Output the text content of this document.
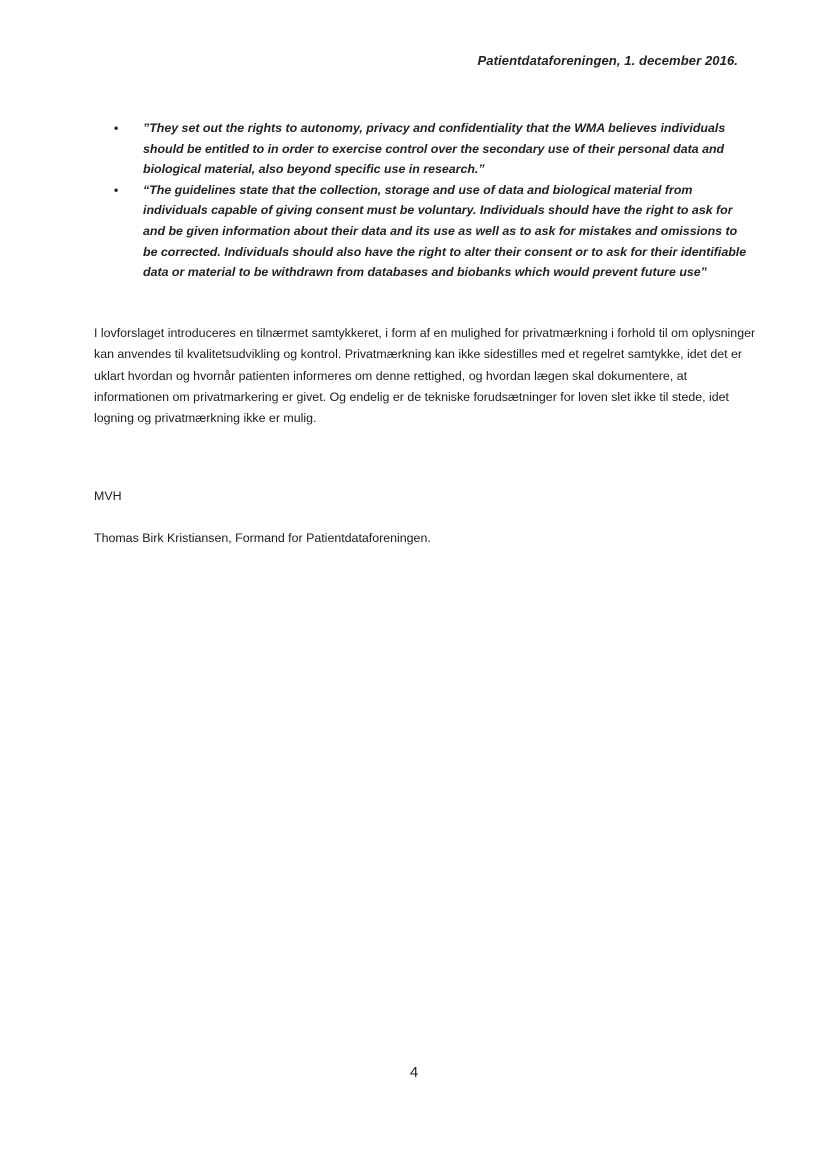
Patientdataforeningen, 1. december 2016.
• ”They set out the rights to autonomy, privacy and confidentiality that the WMA believes individuals should be entitled to in order to exercise control over the secondary use of their personal data and biological material, also beyond specific use in research.”
• “The guidelines state that the collection, storage and use of data and biological material from individuals capable of giving consent must be voluntary. Individuals should have the right to ask for and be given information about their data and its use as well as to ask for mistakes and omissions to be corrected. Individuals should also have the right to alter their consent or to ask for their identifiable data or material to be withdrawn from databases and biobanks which would prevent future use”

I lovforslaget introduceres en tilnærmet samtykkeret, i form af en mulighed for privatmærkning i forhold til om oplysninger kan anvendes til kvalitetsudvikling og kontrol. Privatmærkning kan ikke sidestilles med et regelret samtykke, idet det er uklart hvordan og hvornår patienten informeres om denne rettighed, og hvordan lægen skal dokumentere, at informationen om privatmarkering er givet. Og endelig er de tekniske forudsætninger for loven slet ikke til stede, idet logning og privatmærkning ikke er mulig.

MVH
Thomas Birk Kristiansen, Formand for Patientdataforeningen.
4
